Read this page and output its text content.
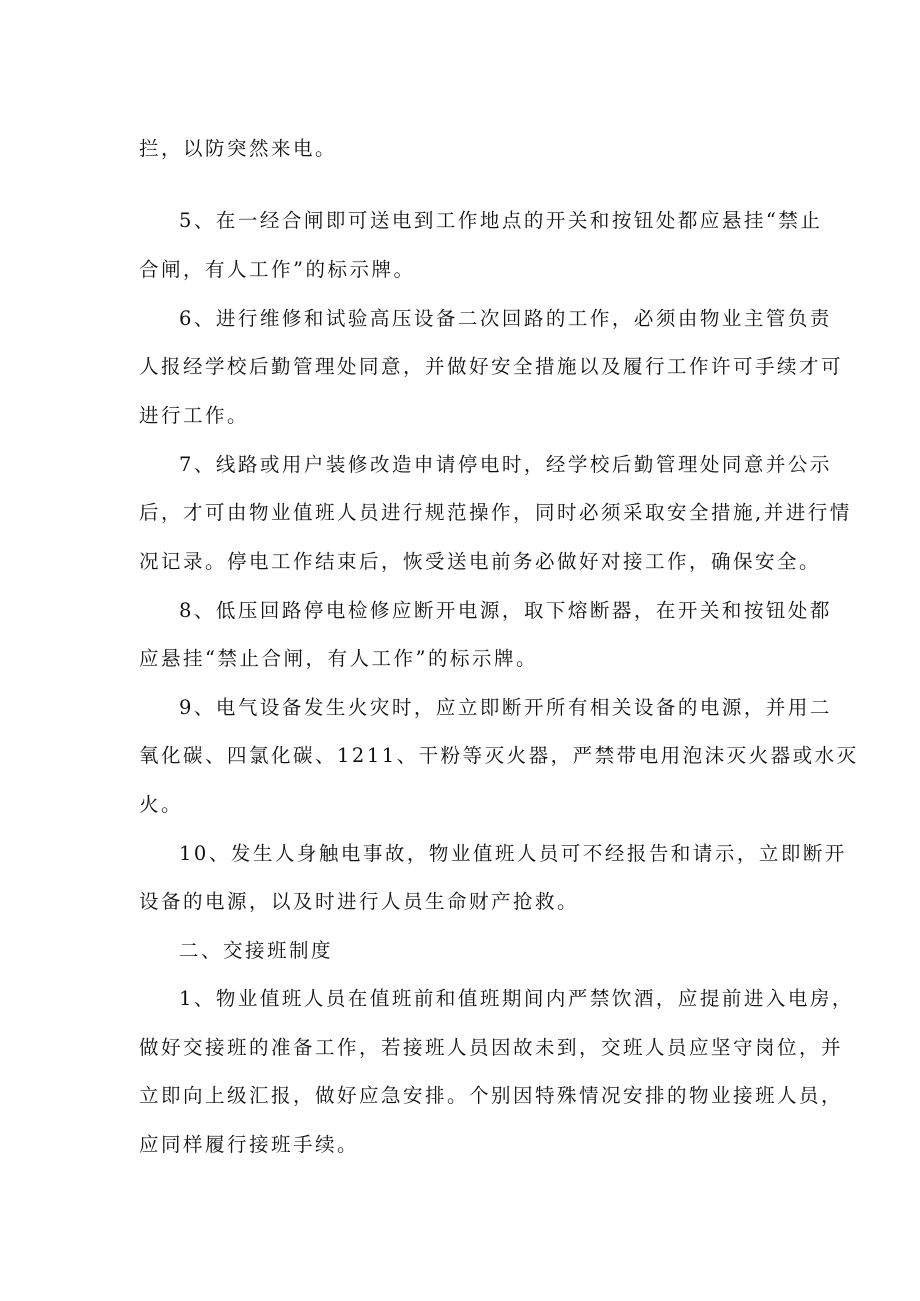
拦，以防突然来电。
5、在一经合闸即可送电到工作地点的开关和按钮处都应悬挂“禁止
合闸，有人工作”的标示牌。
6、进行维修和试验高压设备二次回路的工作，必须由物业主管负责
人报经学校后勤管理处同意，并做好安全措施以及履行工作许可手续才可
进行工作。
7、线路或用户装修改造申请停电时，经学校后勤管理处同意并公示
后，才可由物业值班人员进行规范操作，同时必须采取安全措施,并进行情
况记录。停电工作结束后，恢受送电前务必做好对接工作，确保安全。
8、低压回路停电检修应断开电源，取下熔断器，在开关和按钮处都
应悬挂“禁止合闸，有人工作”的标示牌。
9、电气设备发生火灾时，应立即断开所有相关设备的电源，并用二
氧化碳、四氯化碳、1211、干粉等灭火器，严禁带电用泡沫灭火器或水灭
火。
10、发生人身触电事故，物业值班人员可不经报告和请示，立即断开
设备的电源，以及时进行人员生命财产抢救。
二、交接班制度
1、物业值班人员在值班前和值班期间内严禁饮酒，应提前进入电房，
做好交接班的准备工作，若接班人员因故未到，交班人员应坚守岗位，并
立即向上级汇报，做好应急安排。个别因特殊情况安排的物业接班人员，
应同样履行接班手续。
